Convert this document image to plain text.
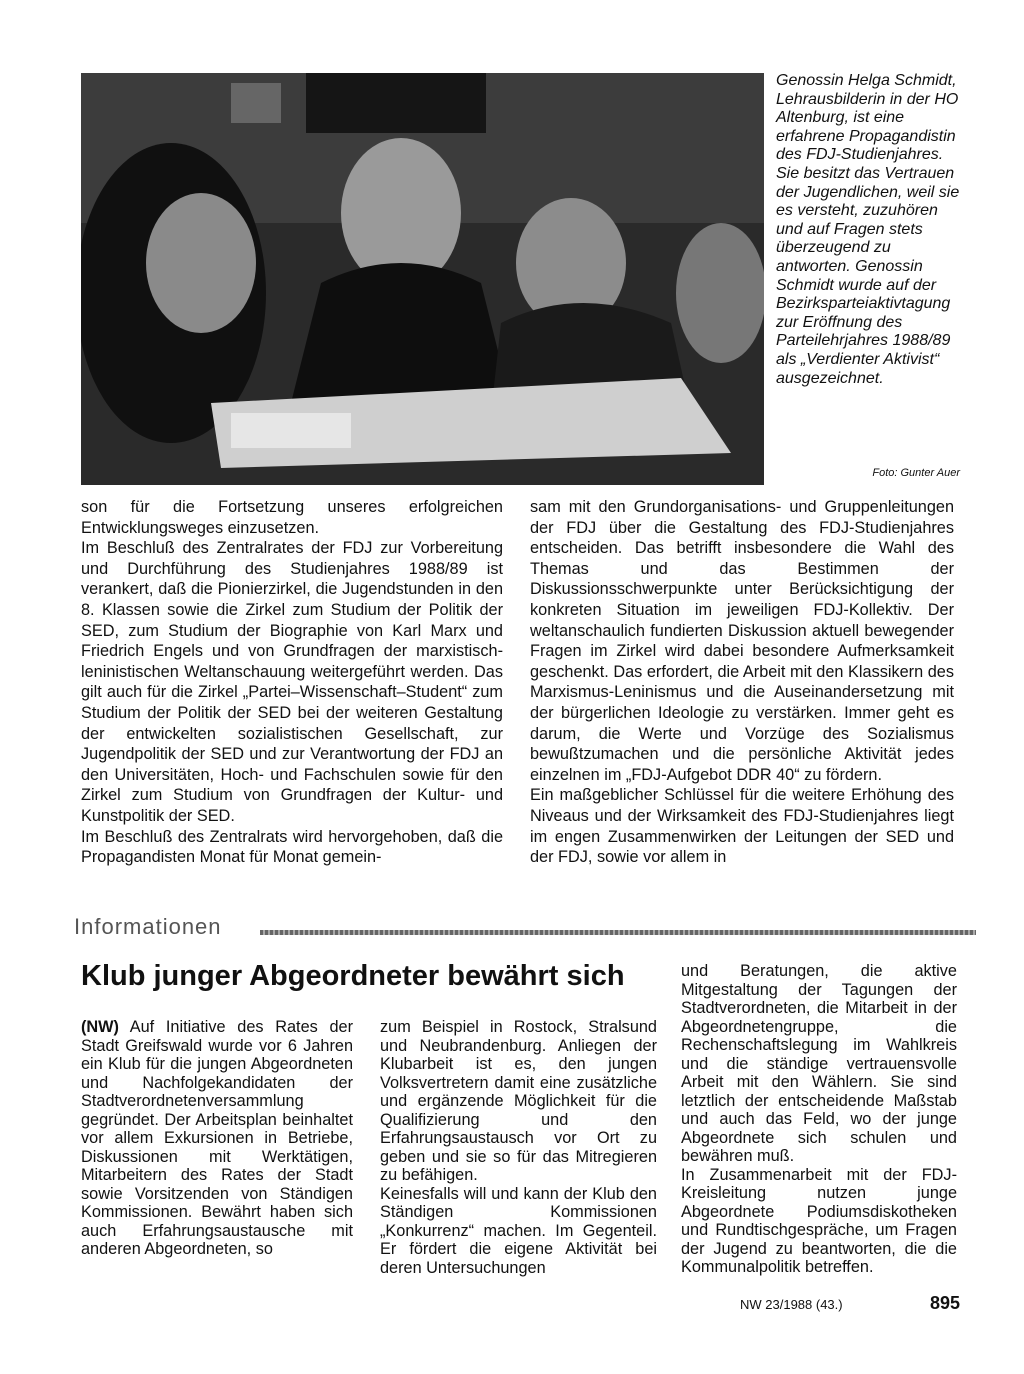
Genossin Helga Schmidt, Lehrausbilderin in der HO Altenburg, ist eine erfahrene Propagandistin des FDJ-Studienjahres. Sie besitzt das Vertrauen der Jugendlichen, weil sie es versteht, zuzuhören und auf Fragen stets überzeugend zu antworten. Genossin Schmidt wurde auf der Bezirksparteiaktivtagung zur Eröffnung des Parteilehrjahres 1988/89 als „Verdienter Aktivist“ ausgezeichnet.

Foto: Gunter Auer

son für die Fortsetzung unseres erfolgreichen Entwicklungsweges einzusetzen.

Im Beschluß des Zentralrates der FDJ zur Vorbereitung und Durchführung des Studienjahres 1988/89 ist verankert, daß die Pionierzirkel, die Jugendstunden in den 8. Klassen sowie die Zirkel zum Studium der Politik der SED, zum Studium der Biographie von Karl Marx und Friedrich Engels und von Grundfragen der marxistisch-leninistischen Weltanschauung weitergeführt werden. Das gilt auch für die Zirkel „Partei–Wissenschaft–Student“ zum Studium der Politik der SED bei der weiteren Gestaltung der entwickelten sozialistischen Gesellschaft, zur Jugendpolitik der SED und zur Verantwortung der FDJ an den Universitäten, Hoch- und Fachschulen sowie für den Zirkel zum Studium von Grundfragen der Kultur- und Kunstpolitik der SED.

Im Beschluß des Zentralrats wird hervorgehoben, daß die Propagandisten Monat für Monat gemein-

sam mit den Grundorganisations- und Gruppenleitungen der FDJ über die Gestaltung des FDJ-Studienjahres entscheiden. Das betrifft insbesondere die Wahl des Themas und das Bestimmen der Diskussionsschwerpunkte unter Berücksichtigung der konkreten Situation im jeweiligen FDJ-Kollektiv. Der weltanschaulich fundierten Diskussion aktuell bewegender Fragen im Zirkel wird dabei besondere Aufmerksamkeit geschenkt. Das erfordert, die Arbeit mit den Klassikern des Marxismus-Leninismus und die Auseinandersetzung mit der bürgerlichen Ideologie zu verstärken. Immer geht es darum, die Werte und Vorzüge des Sozialismus bewußtzumachen und die persönliche Aktivität jedes einzelnen im „FDJ-Aufgebot DDR 40“ zu fördern.

Ein maßgeblicher Schlüssel für die weitere Erhöhung des Niveaus und der Wirksamkeit des FDJ-Studienjahres liegt im engen Zusammenwirken der Leitungen der SED und der FDJ, sowie vor allem in

Informationen
Klub junger Abgeordneter bewährt sich

(NW) Auf Initiative des Rates der Stadt Greifswald wurde vor 6 Jahren ein Klub für die jungen Abgeordneten und Nachfolgekandidaten der Stadtverordnetenversammlung gegründet. Der Arbeitsplan beinhaltet vor allem Exkursionen in Betriebe, Diskussionen mit Werktätigen, Mitarbeitern des Rates der Stadt sowie Vorsitzenden von Ständigen Kommissionen. Bewährt haben sich auch Erfahrungsaustausche mit anderen Abgeordneten, so

zum Beispiel in Rostock, Stralsund und Neubrandenburg. Anliegen der Klubarbeit ist es, den jungen Volksvertretern damit eine zusätzliche und ergänzende Möglichkeit für die Qualifizierung und den Erfahrungsaustausch vor Ort zu geben und sie so für das Mitregieren zu befähigen.

Keinesfalls will und kann der Klub den Ständigen Kommissionen „Konkurrenz“ machen. Im Gegenteil. Er fördert die eigene Aktivität bei deren Untersuchungen

und Beratungen, die aktive Mitgestaltung der Tagungen der Stadtverordneten, die Mitarbeit in der Abgeordnetengruppe, die Rechenschaftslegung im Wahlkreis und die ständige vertrauensvolle Arbeit mit den Wählern. Sie sind letztlich der entscheidende Maßstab und auch das Feld, wo der junge Abgeordnete sich schulen und bewähren muß.

In Zusammenarbeit mit der FDJ-Kreisleitung nutzen junge Abgeordnete Podiumsdiskotheken und Rundtischgespräche, um Fragen der Jugend zu beantworten, die die Kommunalpolitik betreffen.

NW 23/1988 (43.)	895
